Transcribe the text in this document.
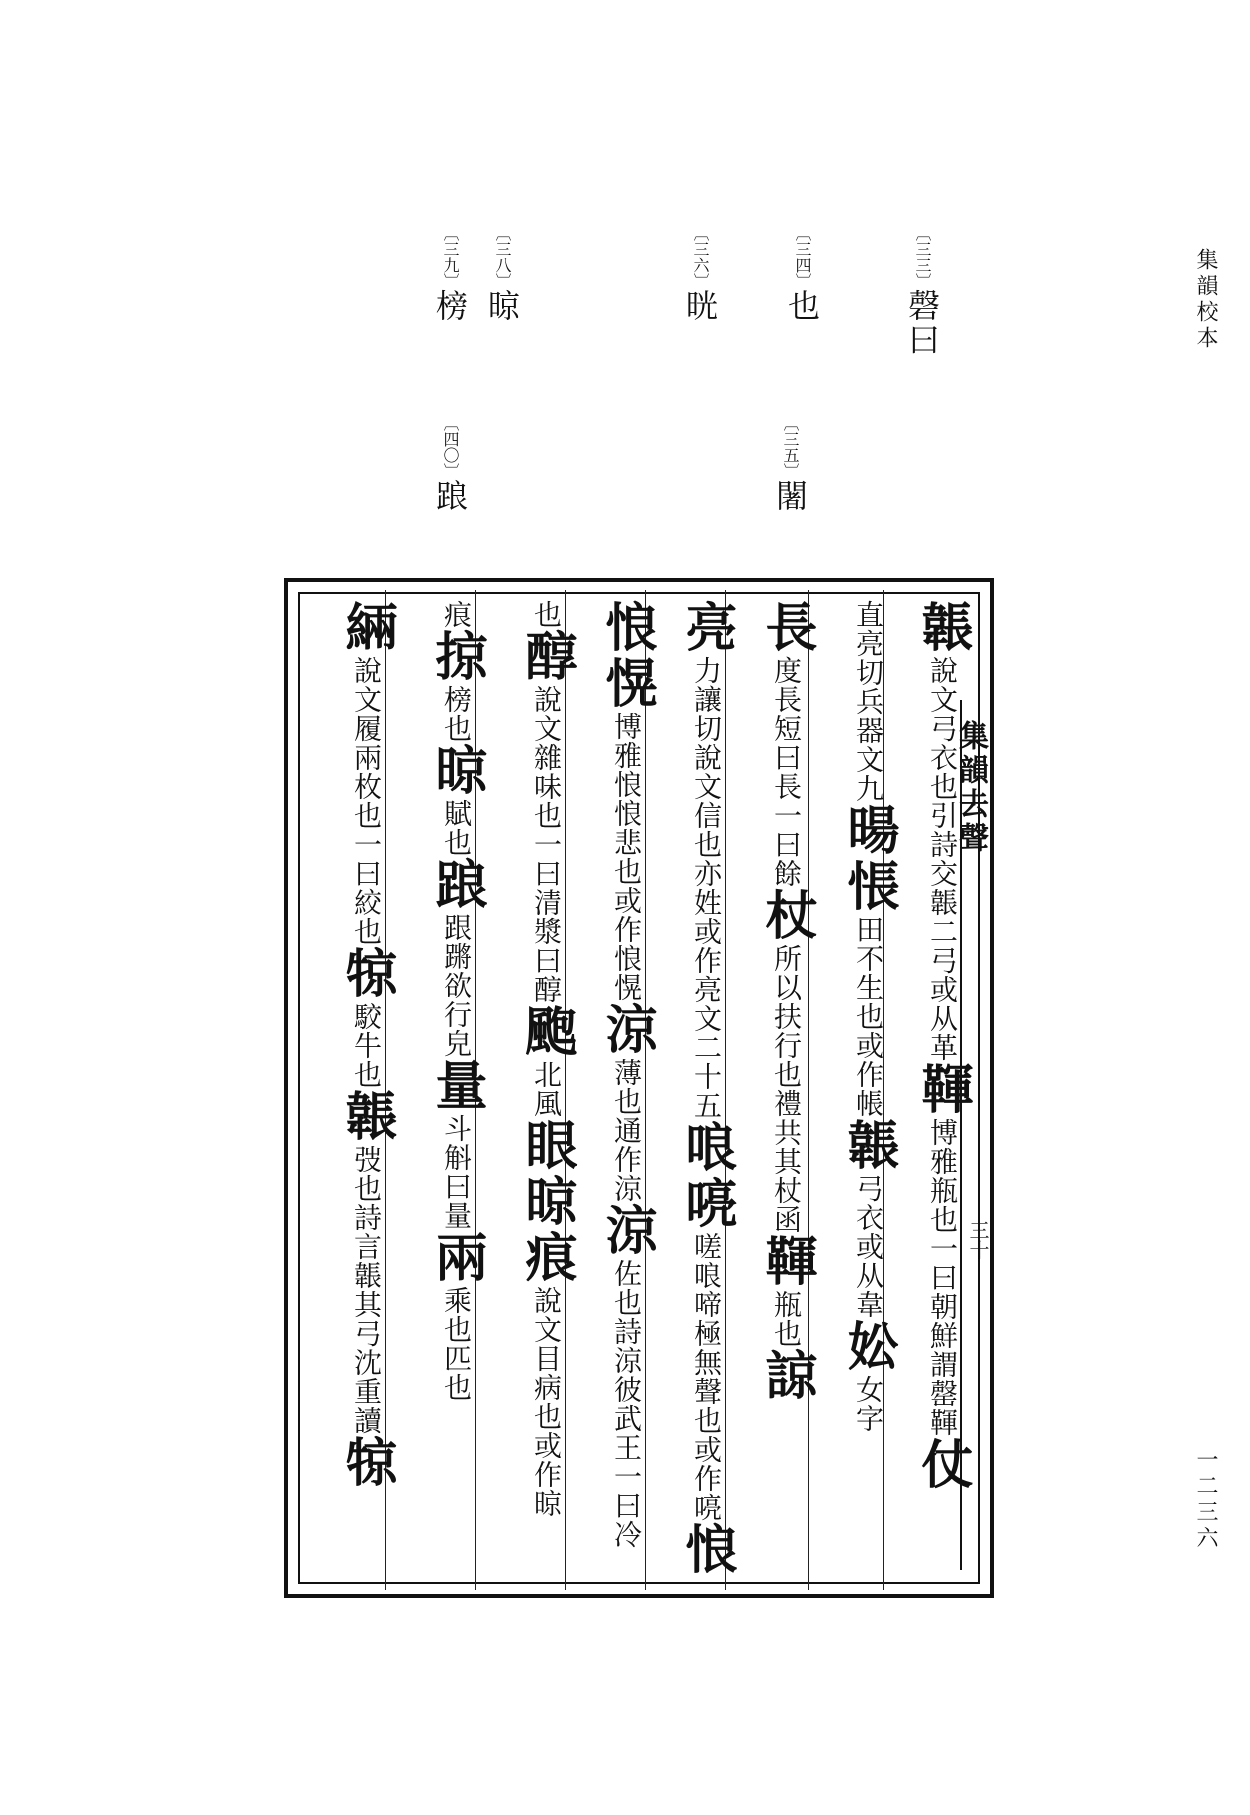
集韻校本
一二三六
〔三三〕磬曰
〔三四〕也
〔三五〕闍
〔三六〕晄
〔三八〕晾
〔三九〕榜
〔四〇〕踉
集韻去聲
三十
韔說文弓衣也引詩交韔二弓或从革䩵博雅瓶也一曰朝鮮謂罄䩵仗
直亮切兵器文九暘悵田不生也或作帳韔弓衣或从韋妐女字
長度長短曰長一曰餘杖所以扶行也禮共其杖函䩵瓶也諒
亮力讓切說文信也亦姓或作亮文二十五哴喨嗟哴啼極無聲也或作喨悢
悢愰博雅悢悢悲也或作悢愰涼薄也通作涼涼佐也詩涼彼武王一曰冷
也醇說文雜味也一曰清漿曰醇颮北風眼晾痕說文目病也或作晾
痕掠榜也晾賦也踉跟蹡欲行皃量斗斛曰量兩乘也匹也
緉說文履兩枚也一曰絞也㹁駮牛也韔弢也詩言韔其弓沈重讀㹁
